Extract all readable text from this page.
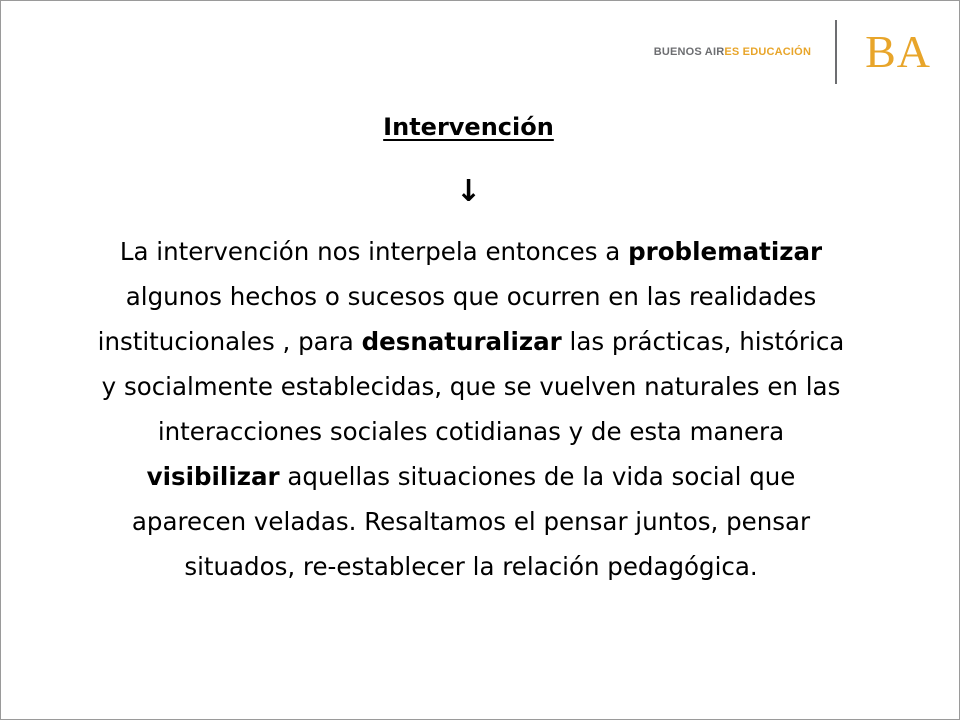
BUENOS AIRES EDUCACIÓN BA
Intervención
↓
La intervención nos interpela entonces a problematizar algunos hechos o sucesos que ocurren en las realidades institucionales , para desnaturalizar las prácticas, histórica y socialmente establecidas, que se vuelven naturales en las interacciones sociales cotidianas y de esta manera visibilizar aquellas situaciones de la vida social que aparecen veladas. Resaltamos el pensar juntos, pensar situados, re-establecer la relación pedagógica.
